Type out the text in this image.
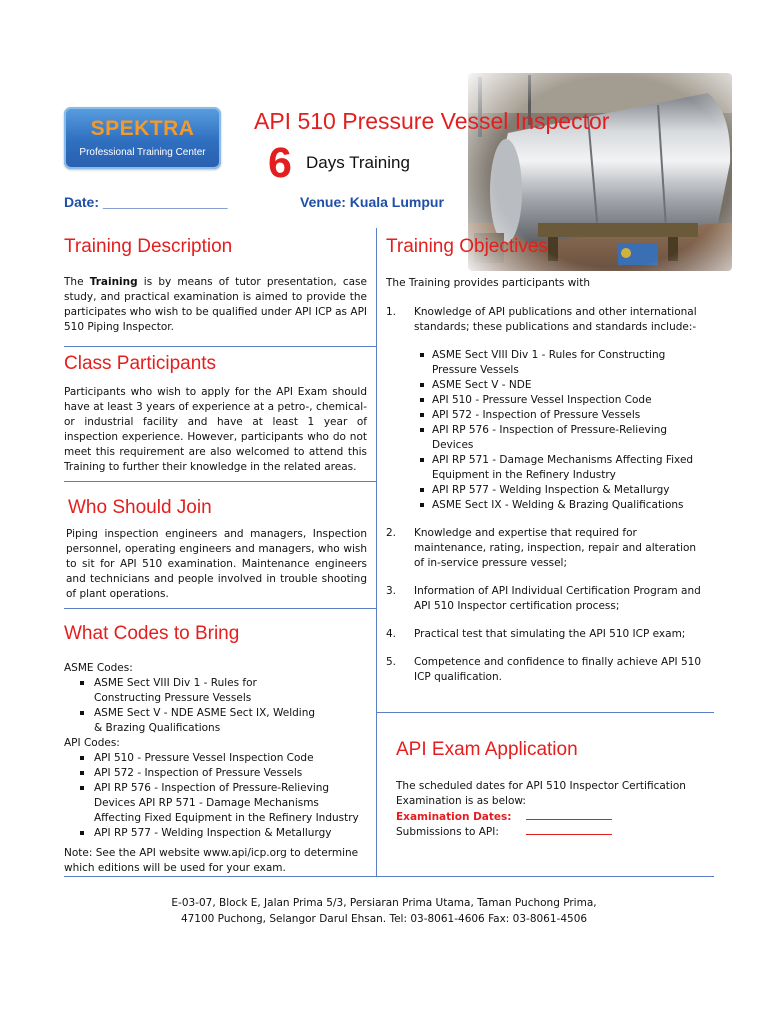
SPEKTRA
Professional Training Center
API 510 Pressure Vessel Inspector
6 Days Training
Date: ________________	Venue: Kuala Lumpur
Training Description
The Training is by means of tutor presentation, case study, and practical examination is aimed to provide the participates who wish to be qualified under API ICP as API 510 Piping Inspector.
Class Participants
Participants who wish to apply for the API Exam should have at least 3 years of experience at a petro-, chemical- or industrial facility and have at least 1 year of inspection experience. However, participants who do not meet this requirement are also welcomed to attend this Training to further their knowledge in the related areas.
Who Should Join
Piping inspection engineers and managers, Inspection personnel, operating engineers and managers, who wish to sit for API 510 examination. Maintenance engineers and technicians and people involved in trouble shooting of plant operations.
What Codes to Bring
ASME Codes:
ASME Sect VIII Div 1 - Rules for Constructing Pressure Vessels
ASME Sect V - NDE ASME Sect IX, Welding & Brazing Qualifications
API Codes:
API 510 - Pressure Vessel Inspection Code
API 572 - Inspection of Pressure Vessels
API RP 576 - Inspection of Pressure-Relieving Devices API RP 571 - Damage Mechanisms Affecting Fixed Equipment in the Refinery Industry
API RP 577 - Welding Inspection & Metallurgy
Note: See the API website www.api/icp.org to determine which editions will be used for your exam.
Training Objectives
The Training provides participants with
1. Knowledge of API publications and other international standards; these publications and standards include:-
ASME Sect VIII Div 1 - Rules for Constructing Pressure Vessels
ASME Sect V - NDE
API 510 - Pressure Vessel Inspection Code
API 572 - Inspection of Pressure Vessels
API RP 576 - Inspection of Pressure-Relieving Devices
API RP 571 - Damage Mechanisms Affecting Fixed Equipment in the Refinery Industry
API RP 577 - Welding Inspection & Metallurgy
ASME Sect IX - Welding & Brazing Qualifications
2. Knowledge and expertise that required for maintenance, rating, inspection, repair and alteration of in-service pressure vessel;
3. Information of API Individual Certification Program and API 510 Inspector certification process;
4. Practical test that simulating the API 510 ICP exam;
5. Competence and confidence to finally achieve API 510 ICP qualification.
API Exam Application
The scheduled dates for API 510 Inspector Certification Examination is as below:
Examination Dates:
Submissions to API:
E-03-07, Block E, Jalan Prima 5/3, Persiaran Prima Utama, Taman Puchong Prima,
47100 Puchong, Selangor Darul Ehsan. Tel: 03-8061-4606 Fax: 03-8061-4506
